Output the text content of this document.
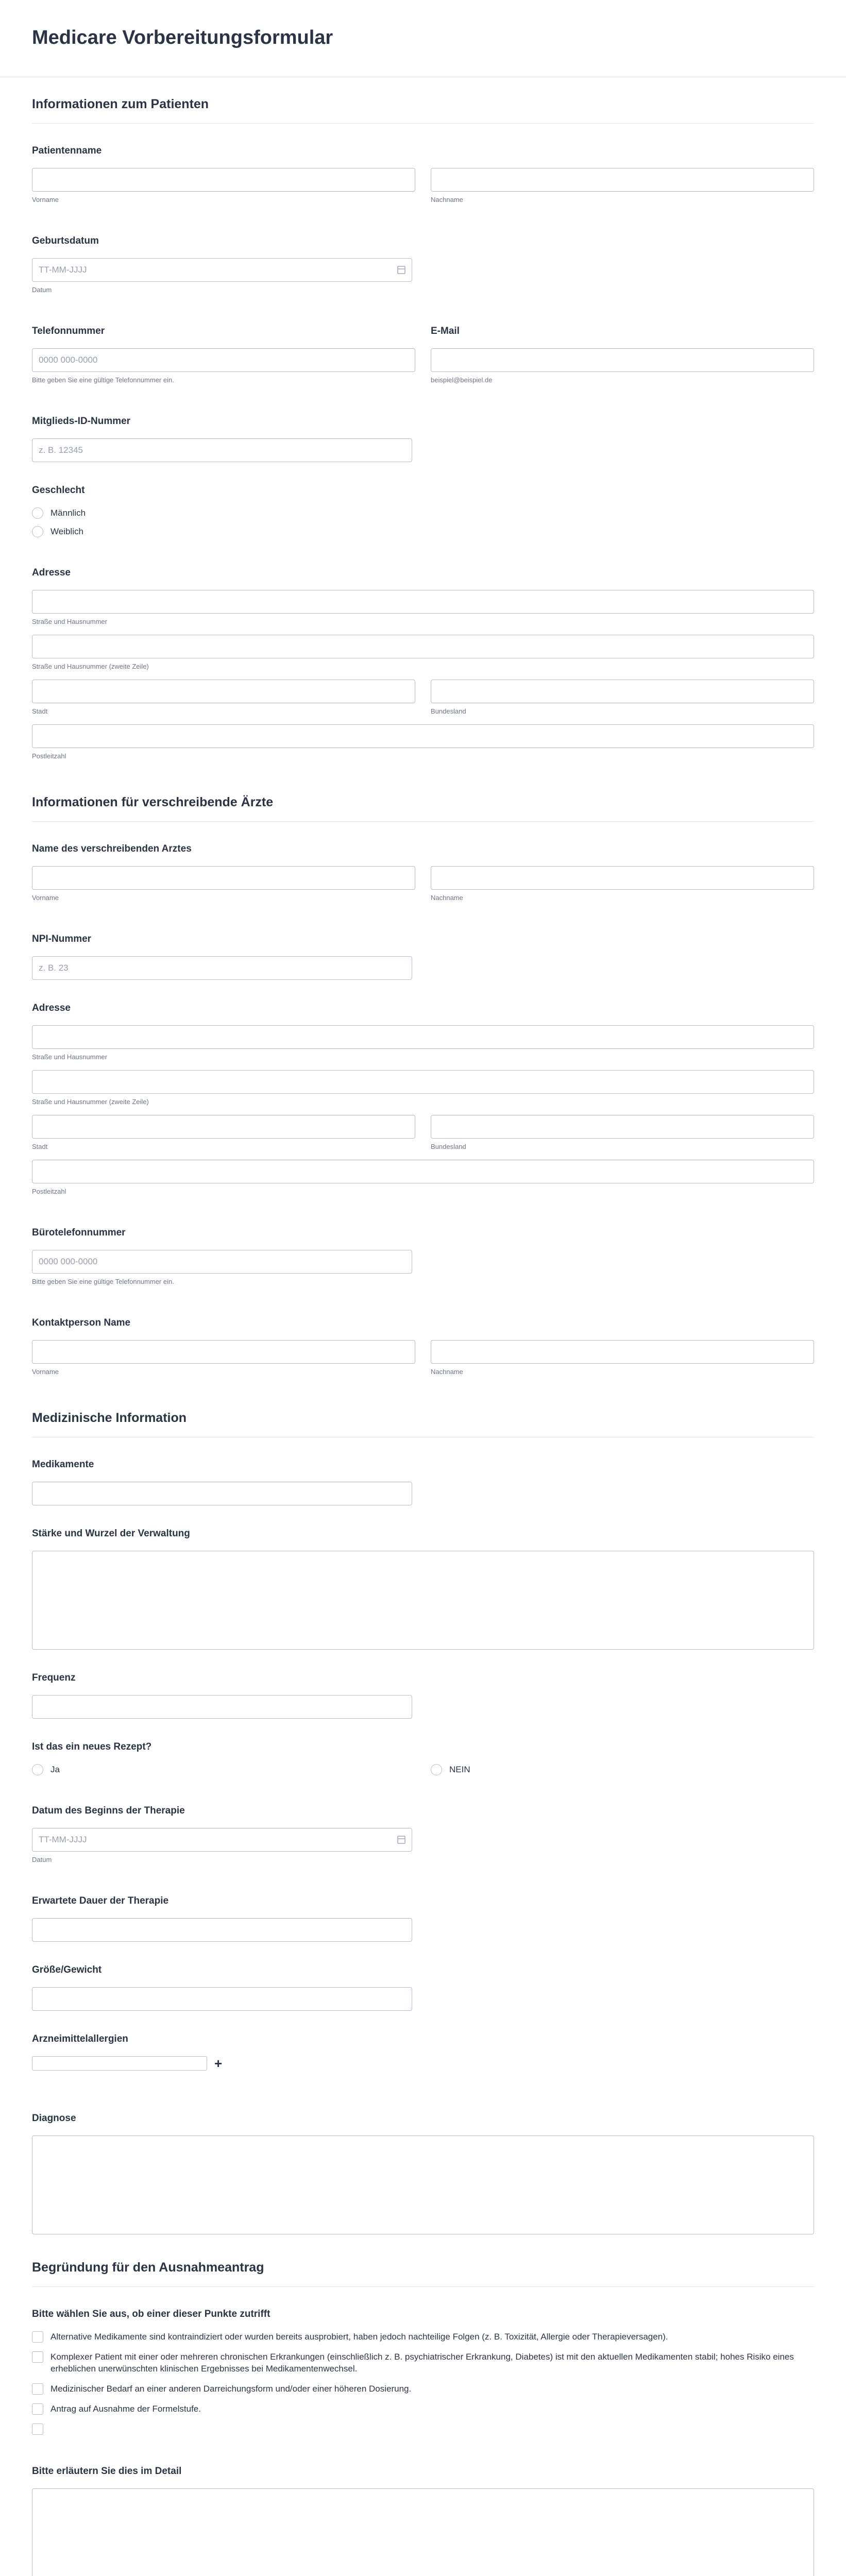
Medicare Vorbereitungsformular
Informationen zum Patienten
Patientenname
Vorname	Nachname
Geburtsdatum
TT-MM-JJJJ
Datum
Telefonnummer
0000 000-0000
Bitte geben Sie eine gültige Telefonnummer ein.
E-Mail
beispiel@beispiel.de
Mitglieds-ID-Nummer
z. B. 12345
Geschlecht
Männlich
Weiblich
Adresse
Straße und Hausnummer
Straße und Hausnummer (zweite Zeile)
Stadt	Bundesland
Postleitzahl
Informationen für verschreibende Ärzte
Name des verschreibenden Arztes
Vorname	Nachname
NPI-Nummer
z. B. 23
Adresse
Straße und Hausnummer
Straße und Hausnummer (zweite Zeile)
Stadt	Bundesland
Postleitzahl
Bürotelefonnummer
0000 000-0000
Bitte geben Sie eine gültige Telefonnummer ein.
Kontaktperson Name
Vorname	Nachname
Medizinische Information
Medikamente
Stärke und Wurzel der Verwaltung
Frequenz
Ist das ein neues Rezept?
Ja	NEIN
Datum des Beginns der Therapie
TT-MM-JJJJ
Datum
Erwartete Dauer der Therapie
Größe/Gewicht
Arzneimittelallergien
+
Diagnose
Begründung für den Ausnahmeantrag
Bitte wählen Sie aus, ob einer dieser Punkte zutrifft
Alternative Medikamente sind kontraindiziert oder wurden bereits ausprobiert, haben jedoch nachteilige Folgen (z. B. Toxizität, Allergie oder Therapieversagen).
Komplexer Patient mit einer oder mehreren chronischen Erkrankungen (einschließlich z. B. psychiatrischer Erkrankung, Diabetes) ist mit den aktuellen Medikamenten stabil; hohes Risiko eines erheblichen unerwünschten klinischen Ergebnisses bei Medikamentenwechsel.
Medizinischer Bedarf an einer anderen Darreichungsform und/oder einer höheren Dosierung.
Antrag auf Ausnahme der Formelstufe.
Bitte erläutern Sie dies im Detail
